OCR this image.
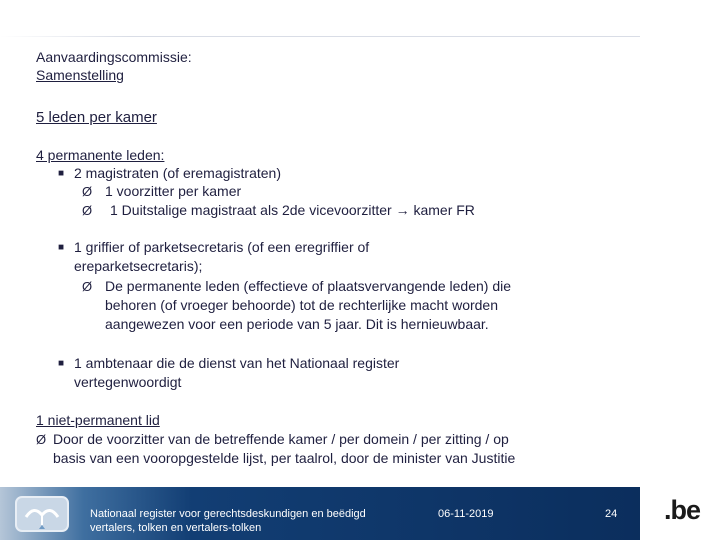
Aanvaardingscommissie:
Samenstelling
5 leden per kamer
4 permanente leden:
■ 2 magistraten (of eremagistraten)
Ø 1 voorzitter per kamer
Ø 1 Duitstalige magistraat als 2de vicevoorzitter → kamer FR
■ 1 griffier of parketsecretaris (of een eregriffier of
ereparketsecretaris);
Ø De permanente leden (effectieve of plaatsvervangende leden) die
behoren (of vroeger behoorde) tot de rechterlijke macht worden
aangewezen voor een periode van 5 jaar. Dit is hernieuwbaar.
■ 1 ambtenaar die de dienst van het Nationaal register
vertegenwoordigt
1 niet-permanent lid
Ø Door de voorzitter van de betreffende kamer / per domein / per zitting / op
basis van een vooropgestelde lijst, per taalrol, door de minister van Justitie
Nationaal register voor gerechtsdeskundigen en beëdigd
vertalers, tolken en vertalers-tolken
06-11-2019	24 .be
